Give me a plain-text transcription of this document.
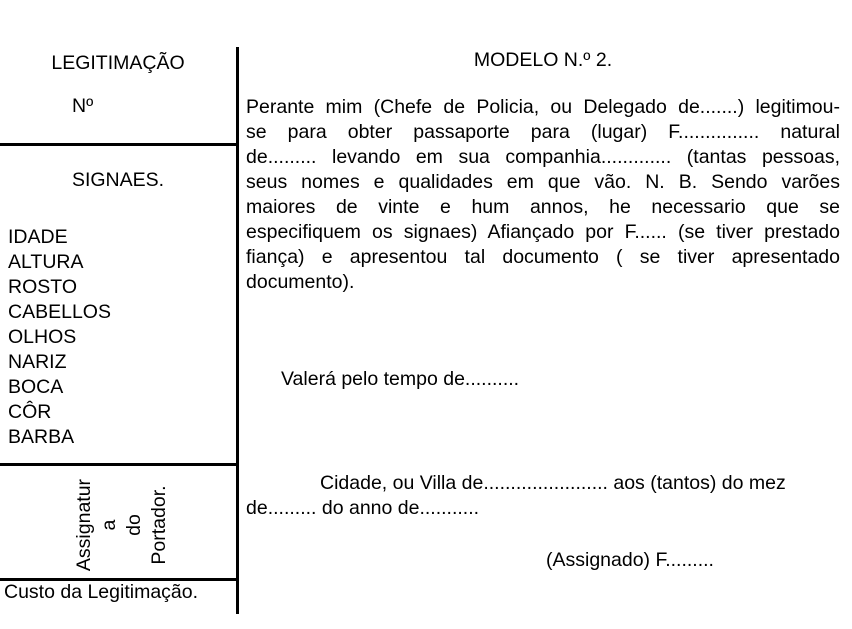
LEGITIMAÇÃO
Nº
SIGNAES.
IDADE
ALTURA
ROSTO
CABELLOS
OLHOS
NARIZ
BOCA
CÔR
BARBA
Assignatur a do Portador.
Custo da Legitimação.
MODELO N.º 2.
Perante mim (Chefe de Policia, ou Delegado de.......) legitimou-
se para obter passaporte para (lugar) F............... natural
de......... levando em sua companhia............. (tantas pessoas,
seus nomes e qualidades em que vão. N. B. Sendo varões
maiores de vinte e hum annos, he necessario que se
especifiquem os signaes) Afiançado por F...... (se tiver prestado
fiança) e apresentou tal documento ( se tiver apresentado
documento).
Valerá pelo tempo de..........
Cidade, ou Villa de....................... aos (tantos) do mez
de......... do anno de...........
(Assignado) F.........
